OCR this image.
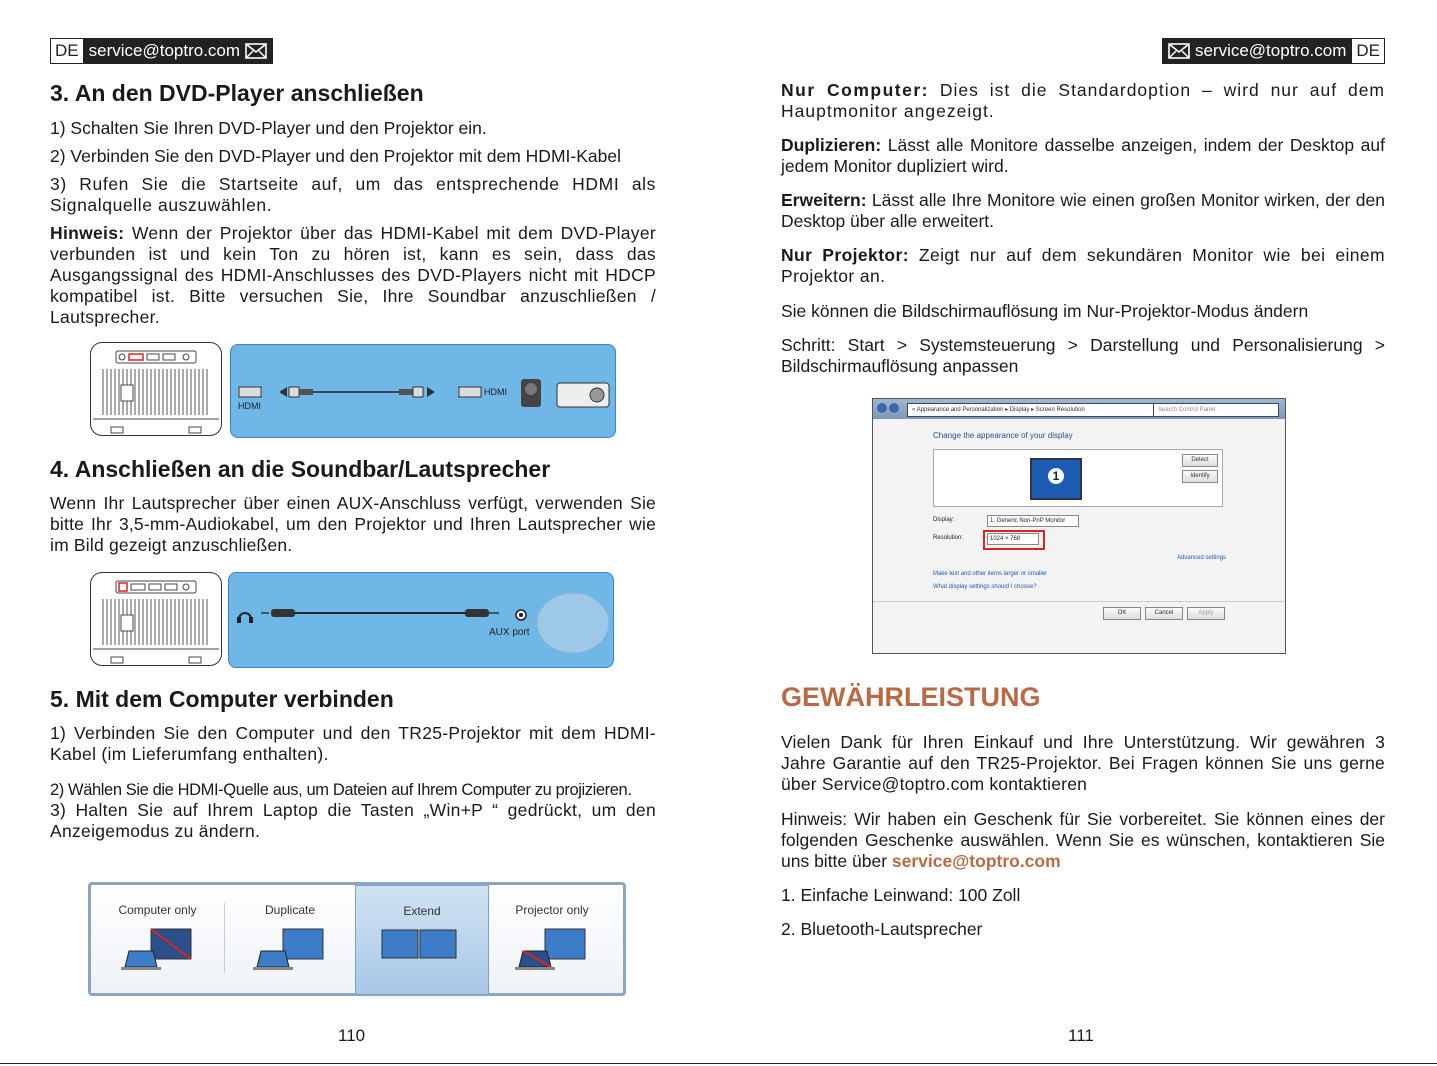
DE service@toptro.com
3. An den DVD-Player anschließen

1) Schalten Sie Ihren DVD-Player und den Projektor ein.

2) Verbinden Sie den DVD-Player und den Projektor mit dem HDMI-Kabel

3) Rufen Sie die Startseite auf, um das entsprechende HDMI als Signalquelle auszuwählen.

Hinweis: Wenn der Projektor über das HDMI-Kabel mit dem DVD-Player verbunden ist und kein Ton zu hören ist, kann es sein, dass das Ausgangssignal des HDMI-Anschlusses des DVD-Players nicht mit HDCP kompatibel ist. Bitte versuchen Sie, Ihre Soundbar anzuschließen / Lautsprecher.

HDMI
HDMI
4. Anschließen an die Soundbar/Lautsprecher

Wenn Ihr Lautsprecher über einen AUX-Anschluss verfügt, verwenden Sie bitte Ihr 3,5-mm-Audiokabel, um den Projektor und Ihren Lautsprecher wie im Bild gezeigt anzuschließen.

AUX port
5. Mit dem Computer verbinden

1) Verbinden Sie den Computer und den TR25-Projektor mit dem HDMI-Kabel (im Lieferumfang enthalten).

2) Wählen Sie die HDMI-Quelle aus, um Dateien auf Ihrem Computer zu projizieren.

3) Halten Sie auf Ihrem Laptop die Tasten „Win+P “ gedrückt, um den Anzeigemodus zu ändern.

Computer only	Duplicate	Extend	Projector only
110
service@toptro.com DE

Nur Computer: Dies ist die Standardoption – wird nur auf dem Hauptmonitor angezeigt.

Duplizieren: Lässt alle Monitore dasselbe anzeigen, indem der Desktop auf jedem Monitor dupliziert wird.

Erweitern: Lässt alle Ihre Monitore wie einen großen Monitor wirken, der den Desktop über alle erweitert.

Nur Projektor: Zeigt nur auf dem sekundären Monitor wie bei einem Projektor an.

Sie können die Bildschirmauflösung im Nur-Projektor-Modus ändern

Schritt: Start > Systemsteuerung > Darstellung und Personalisierung > Bildschirmauflösung anpassen

111
GEWÄHRLEISTUNG

Vielen Dank für Ihren Einkauf und Ihre Unterstützung. Wir gewähren 3 Jahre Garantie auf den TR25-Projektor. Bei Fragen können Sie uns gerne über Service@toptro.com kontaktieren

Hinweis: Wir haben ein Geschenk für Sie vorbereitet. Sie können eines der folgenden Geschenke auswählen. Wenn Sie es wünschen, kontaktieren Sie uns bitte über service@toptro.com

1. Einfache Leinwand: 100 Zoll

2. Bluetooth-Lautsprecher

« Appearance and Personalization ▸ Display ▸ Screen Resolution	Search Control Panel
Change the appearance of your display
1
Detect
Identify
Display:	1. Generic Non-PnP Monitor
Resolution:	1024 × 768
Advanced settings
Make text and other items larger or smaller
What display settings should I choose?
OK	Cancel	Apply
